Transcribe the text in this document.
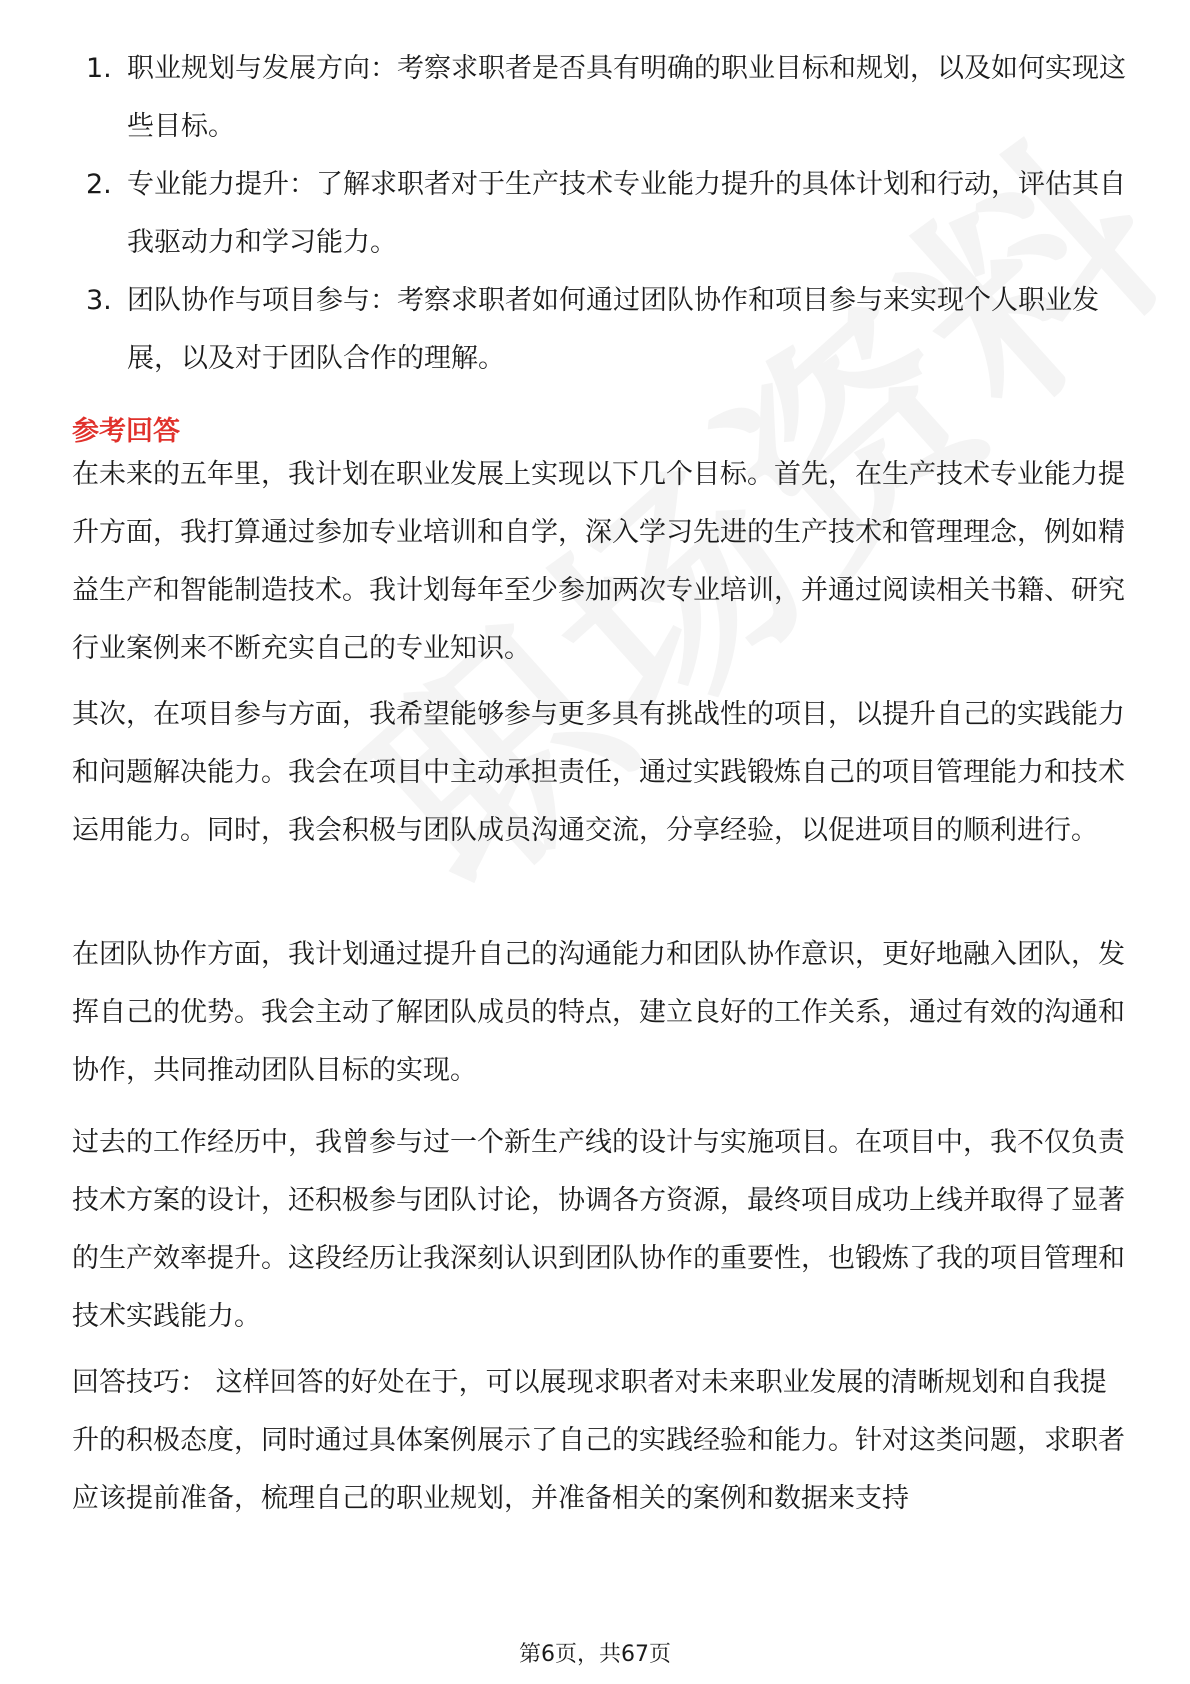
1. 职业规划与发展方向：考察求职者是否具有明确的职业目标和规划，以及如何实现这些目标。
2. 专业能力提升：了解求职者对于生产技术专业能力提升的具体计划和行动，评估其自我驱动力和学习能力。
3. 团队协作与项目参与：考察求职者如何通过团队协作和项目参与来实现个人职业发展，以及对于团队合作的理解。
参考回答

在未来的五年里，我计划在职业发展上实现以下几个目标。首先，在生产技术专业能力提升方面，我打算通过参加专业培训和自学，深入学习先进的生产技术和管理理念，例如精益生产和智能制造技术。我计划每年至少参加两次专业培训，并通过阅读相关书籍、研究行业案例来不断充实自己的专业知识。

其次，在项目参与方面，我希望能够参与更多具有挑战性的项目，以提升自己的实践能力和问题解决能力。我会在项目中主动承担责任，通过实践锻炼自己的项目管理能力和技术运用能力。同时，我会积极与团队成员沟通交流，分享经验，以促进项目的顺利进行。

在团队协作方面，我计划通过提升自己的沟通能力和团队协作意识，更好地融入团队，发挥自己的优势。我会主动了解团队成员的特点，建立良好的工作关系，通过有效的沟通和协作，共同推动团队目标的实现。

过去的工作经历中，我曾参与过一个新生产线的设计与实施项目。在项目中，我不仅负责技术方案的设计，还积极参与团队讨论，协调各方资源，最终项目成功上线并取得了显著的生产效率提升。这段经历让我深刻认识到团队协作的重要性，也锻炼了我的项目管理和技术实践能力。

回答技巧： 这样回答的好处在于，可以展现求职者对未来职业发展的清晰规划和自我提升的积极态度，同时通过具体案例展示了自己的实践经验和能力。针对这类问题，求职者应该提前准备，梳理自己的职业规划，并准备相关的案例和数据来支持

第6页，共67页
